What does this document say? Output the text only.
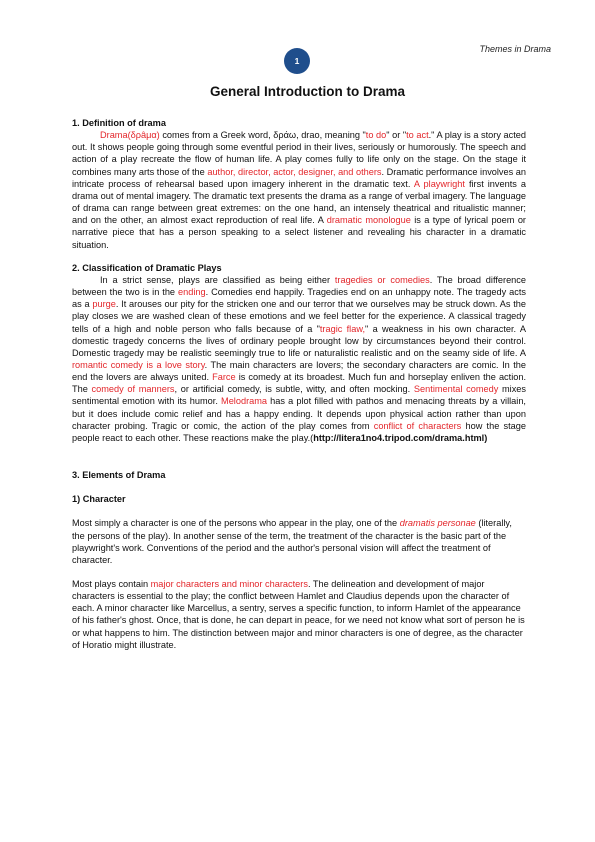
Themes in Drama
1
General Introduction to Drama

1. Definition of drama

Drama(δρâμα) comes from a Greek word, δράω, drao, meaning "to do" or "to act." A play is a story acted out. It shows people going through some eventful period in their lives, seriously or humorously. The speech and action of a play recreate the flow of human life. A play comes fully to life only on the stage. On the stage it combines many arts those of the author, director, actor, designer, and others. Dramatic performance involves an intricate process of rehearsal based upon imagery inherent in the dramatic text. A playwright first invents a drama out of mental imagery. The dramatic text presents the drama as a range of verbal imagery. The language of drama can range between great extremes: on the one hand, an intensely theatrical and ritualistic manner; and on the other, an almost exact reproduction of real life. A dramatic monologue is a type of lyrical poem or narrative piece that has a person speaking to a select listener and revealing his character in a dramatic situation.

2. Classification of Dramatic Plays

In a strict sense, plays are classified as being either tragedies or comedies. The broad difference between the two is in the ending. Comedies end happily. Tragedies end on an unhappy note. The tragedy acts as a purge. It arouses our pity for the stricken one and our terror that we ourselves may be struck down. As the play closes we are washed clean of these emotions and we feel better for the experience. A classical tragedy tells of a high and noble person who falls because of a "tragic flaw," a weakness in his own character. A domestic tragedy concerns the lives of ordinary people brought low by circumstances beyond their control. Domestic tragedy may be realistic seemingly true to life or naturalistic realistic and on the seamy side of life. A romantic comedy is a love story. The main characters are lovers; the secondary characters are comic. In the end the lovers are always united. Farce is comedy at its broadest. Much fun and horseplay enliven the action. The comedy of manners, or artificial comedy, is subtle, witty, and often mocking. Sentimental comedy mixes sentimental emotion with its humor. Melodrama has a plot filled with pathos and menacing threats by a villain, but it does include comic relief and has a happy ending. It depends upon physical action rather than upon character probing. Tragic or comic, the action of the play comes from conflict of characters how the stage people react to each other. These reactions make the play.(http://litera1no4.tripod.com/drama.html)

3. Elements of Drama

1) Character

Most simply a character is one of the persons who appear in the play, one of the dramatis personae (literally, the persons of the play). In another sense of the term, the treatment of the character is the basic part of the playwright's work. Conventions of the period and the author's personal vision will affect the treatment of character.

Most plays contain major characters and minor characters. The delineation and development of major characters is essential to the play; the conflict between Hamlet and Claudius depends upon the character of each. A minor character like Marcellus, a sentry, serves a specific function, to inform Hamlet of the appearance of his father's ghost. Once, that is done, he can depart in peace, for we need not know what sort of person he is or what happens to him. The distinction between major and minor characters is one of degree, as the character of Horatio might illustrate.
